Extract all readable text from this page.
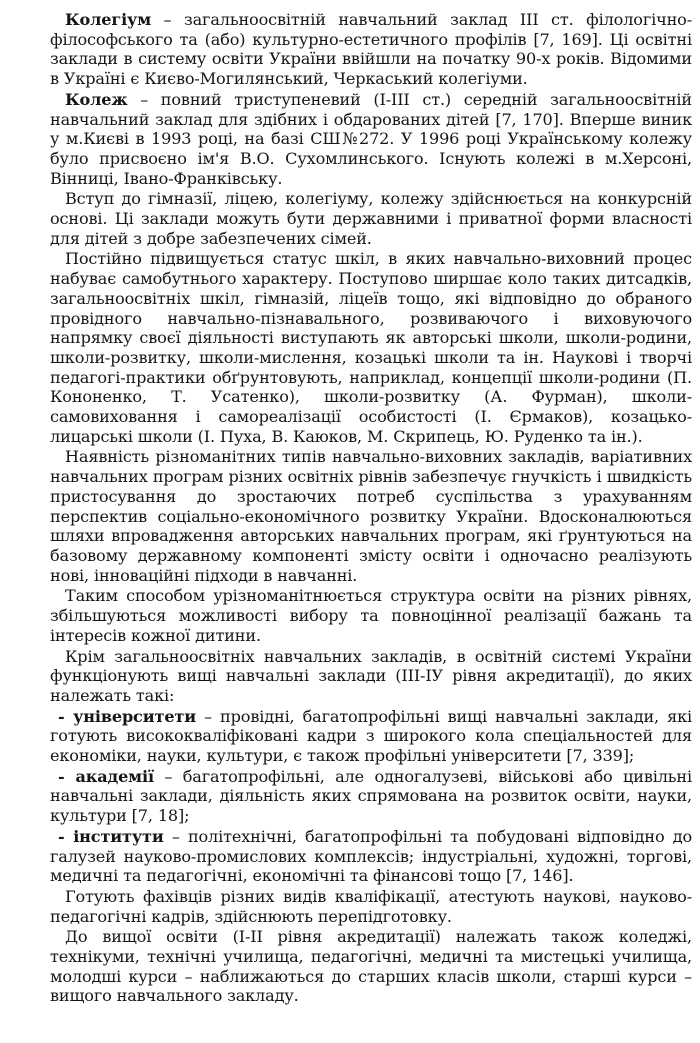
Колегіум – загальноосвітній навчальний заклад ІІІ ст. філологічно-філософського та (або) культурно-естетичного профілів [7, 169]. Ці освітні заклади в систему освіти України ввійшли на початку 90-х років. Відомими в Україні є Києво-Могилянський, Черкаський колегіуми.

Колеж – повний триступеневий (І-ІІІ ст.) середній загальноосвітній навчальний заклад для здібних і обдарованих дітей [7, 170]. Вперше виник у м.Києві в 1993 році, на базі СШ№272. У 1996 році Українському колежу було присвоєно ім'я В.О. Сухомлинського. Існують колежі в м.Херсоні, Вінниці, Івано-Франківську.

Вступ до гімназії, ліцею, колегіуму, колежу здійснюється на конкурсній основі. Ці заклади можуть бути державними і приватної форми власності для дітей з добре забезпечених сімей.

Постійно підвищується статус шкіл, в яких навчально-виховний процес набуває самобутнього характеру. Поступово ширшає коло таких дитсадків, загальноосвітніх шкіл, гімназій, ліцеїв тощо, які відповідно до обраного провідного навчально-пізнавального, розвиваючого і виховуючого напрямку своєї діяльності виступають як авторські школи, школи-родини, школи-розвитку, школи-мислення, козацькі школи та ін. Наукові і творчі педагогі-практики обґрунтовують, наприклад, концепції школи-родини (П. Кононенко, Т. Усатенко), школи-розвитку (А. Фурман), школи-самовиховання і самореалізації особистості (І. Єрмаков), козацько-лицарські школи (І. Пуха, В. Каюков, М. Скрипець, Ю. Руденко та ін.).

Наявність різноманітних типів навчально-виховних закладів, варіативних навчальних програм різних освітніх рівнів забезпечує гнучкість і швидкість пристосування до зростаючих потреб суспільства з урахуванням перспектив соціально-економічного розвитку України. Вдосконалюються шляхи впровадження авторських навчальних програм, які ґрунтуються на базовому державному компоненті змісту освіти і одночасно реалізують нові, інноваційні підходи в навчанні.

Таким способом урізноманітнюється структура освіти на різних рівнях, збільшуються можливості вибору та повноцінної реалізації бажань та інтересів кожної дитини.

Крім загальноосвітніх навчальних закладів, в освітній системі України функціонують вищі навчальні заклади (ІІІ-ІУ рівня акредитації), до яких належать такі:

- університети – провідні, багатопрофільні вищі навчальні заклади, які готують висококваліфіковані кадри з широкого кола спеціальностей для економіки, науки, культури, є також профільні університети [7, 339];

- академії – багатопрофільні, але одногалузеві, військові або цивільні навчальні заклади, діяльність яких спрямована на розвиток освіти, науки, культури [7, 18];

- інститути – політехнічні, багатопрофільні та побудовані відповідно до галузей науково-промислових комплексів; індустріальні, художні, торгові, медичні та педагогічні, економічні та фінансові тощо [7, 146].

Готують фахівців різних видів кваліфікації, атестують наукові, науково-педагогічні кадрів, здійснюють перепідготовку.

До вищої освіти (І-ІІ рівня акредитації) належать також коледжі, технікуми, технічні училища, педагогічні, медичні та мистецькі училища, молодші курси – наближаються до старших класів школи, старші курси – вищого навчального закладу.
